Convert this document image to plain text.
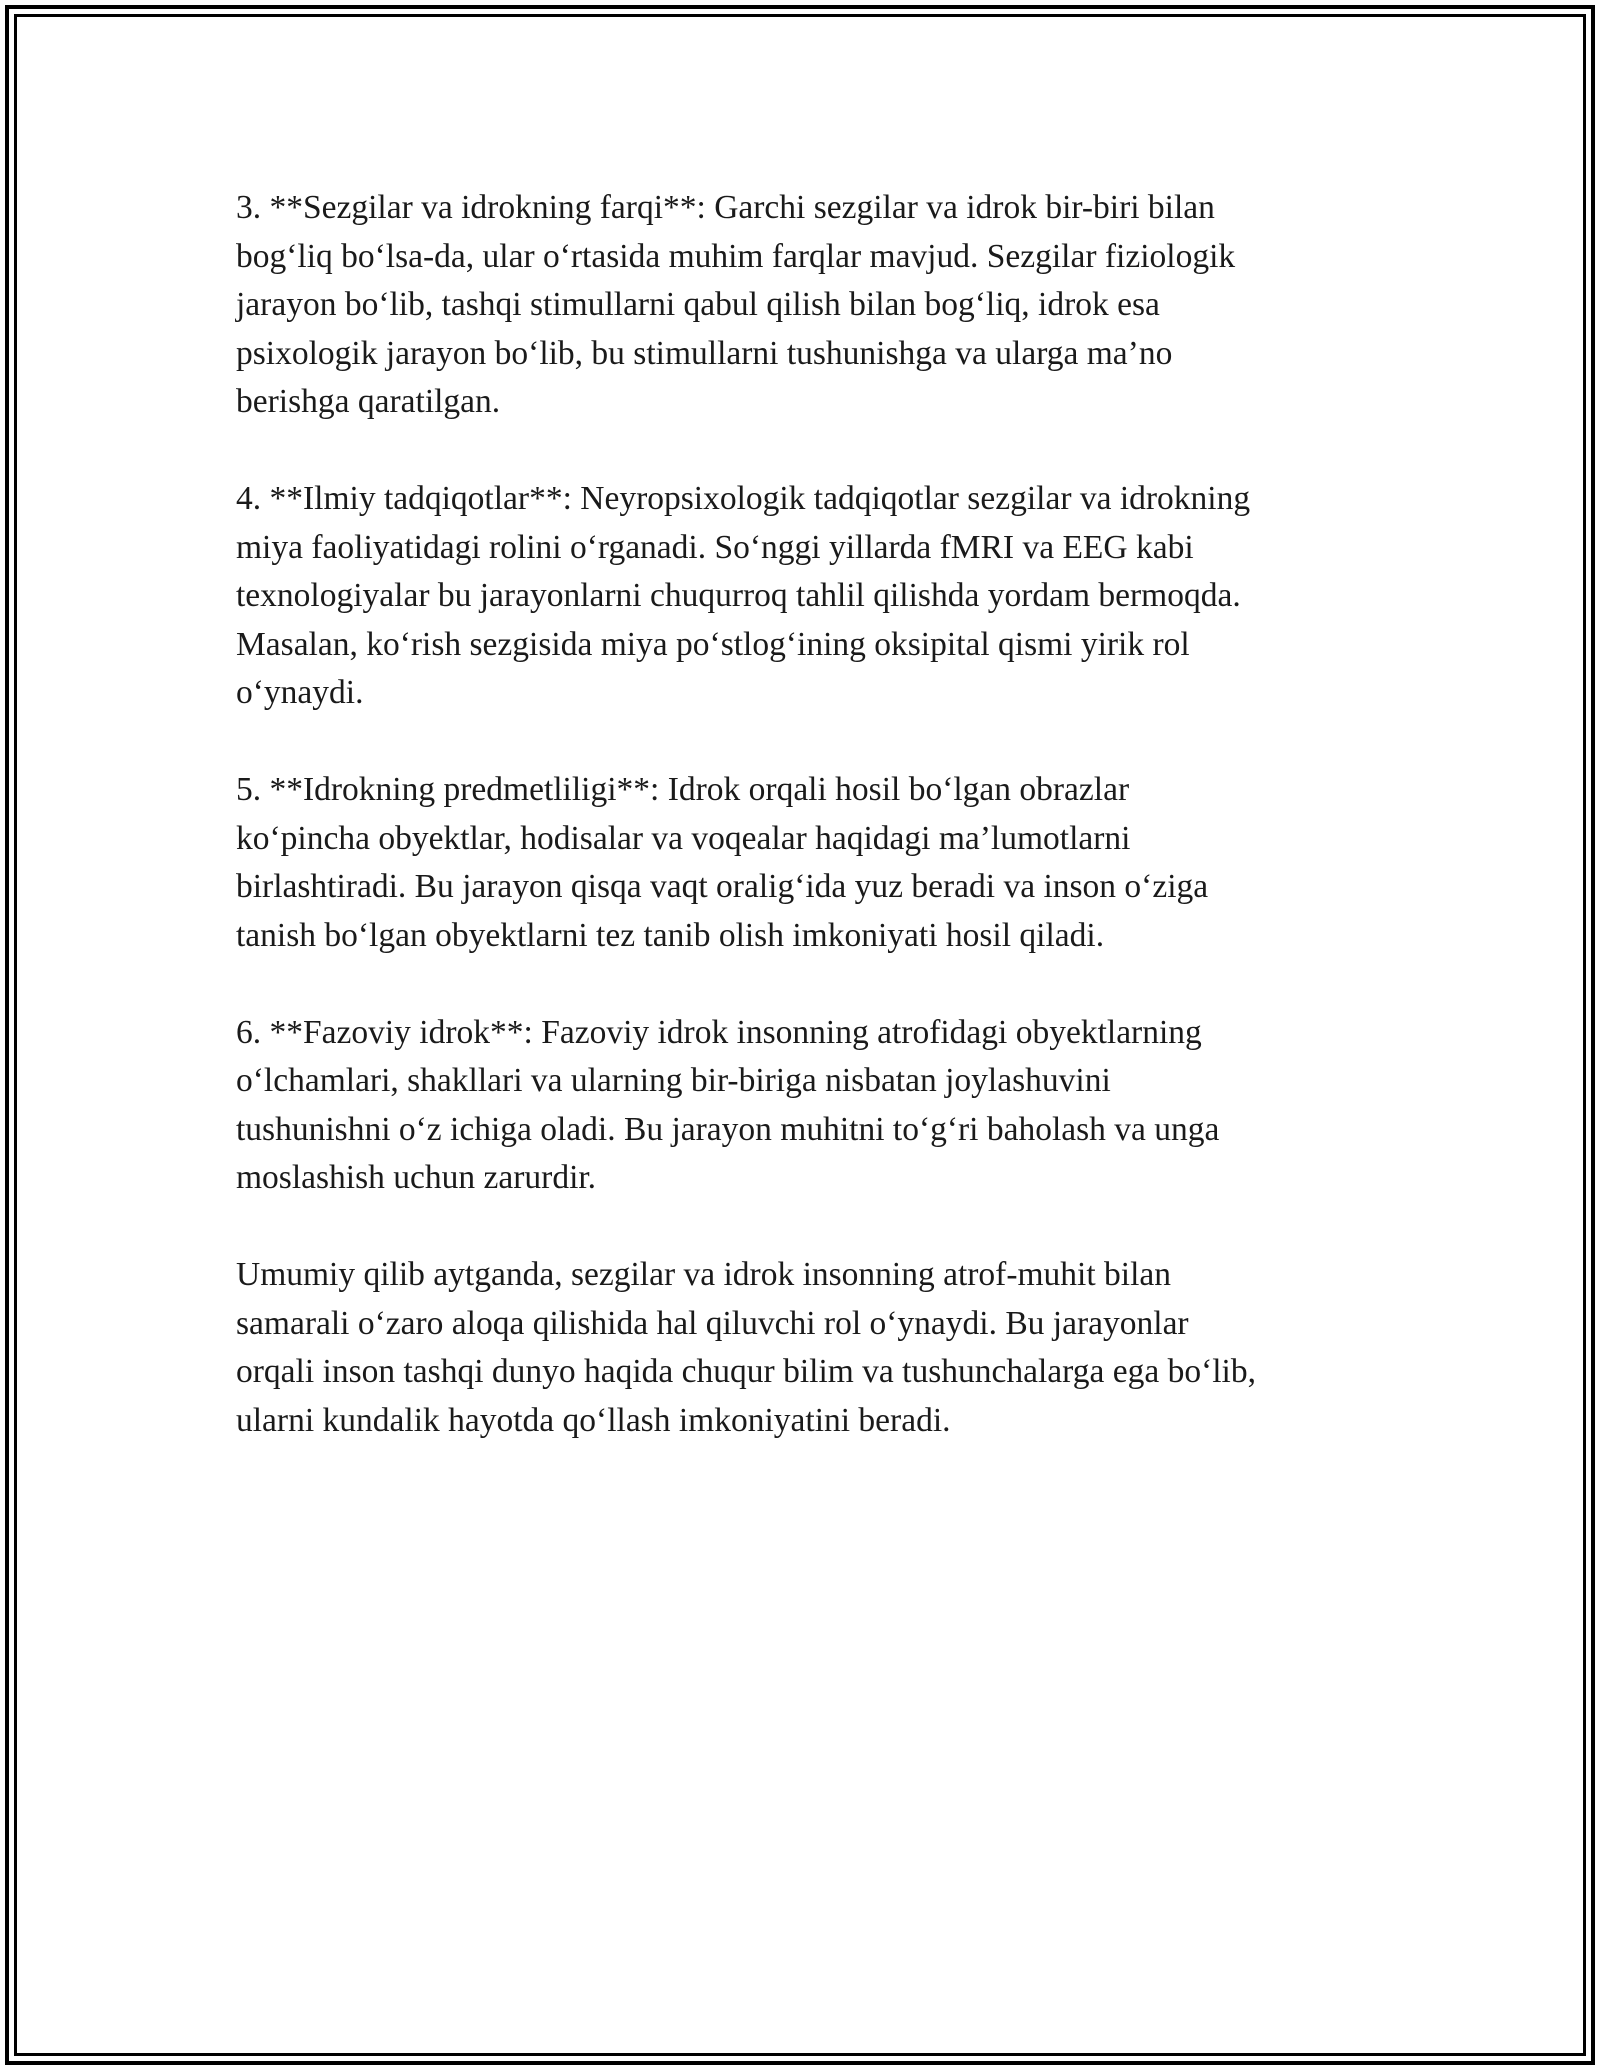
3. **Sezgilar va idrokning farqi**: Garchi sezgilar va idrok bir-biri bilan
bog‘liq bo‘lsa-da, ular o‘rtasida muhim farqlar mavjud. Sezgilar fiziologik
jarayon bo‘lib, tashqi stimullarni qabul qilish bilan bog‘liq, idrok esa
psixologik jarayon bo‘lib, bu stimullarni tushunishga va ularga ma’no
berishga qaratilgan.

4. **Ilmiy tadqiqotlar**: Neyropsixologik tadqiqotlar sezgilar va idrokning
miya faoliyatidagi rolini o‘rganadi. So‘nggi yillarda fMRI va EEG kabi
texnologiyalar bu jarayonlarni chuqurroq tahlil qilishda yordam bermoqda.
Masalan, ko‘rish sezgisida miya po‘stlog‘ining oksipital qismi yirik rol
o‘ynaydi.

5. **Idrokning predmetliligi**: Idrok orqali hosil bo‘lgan obrazlar
ko‘pincha obyektlar, hodisalar va voqealar haqidagi ma’lumotlarni
birlashtiradi. Bu jarayon qisqa vaqt oralig‘ida yuz beradi va inson o‘ziga
tanish bo‘lgan obyektlarni tez tanib olish imkoniyati hosil qiladi.

6. **Fazoviy idrok**: Fazoviy idrok insonning atrofidagi obyektlarning
o‘lchamlari, shakllari va ularning bir-biriga nisbatan joylashuvini
tushunishni o‘z ichiga oladi. Bu jarayon muhitni to‘g‘ri baholash va unga
moslashish uchun zarurdir.

Umumiy qilib aytganda, sezgilar va idrok insonning atrof-muhit bilan
samarali o‘zaro aloqa qilishida hal qiluvchi rol o‘ynaydi. Bu jarayonlar
orqali inson tashqi dunyo haqida chuqur bilim va tushunchalarga ega bo‘lib,
ularni kundalik hayotda qo‘llash imkoniyatini beradi.
